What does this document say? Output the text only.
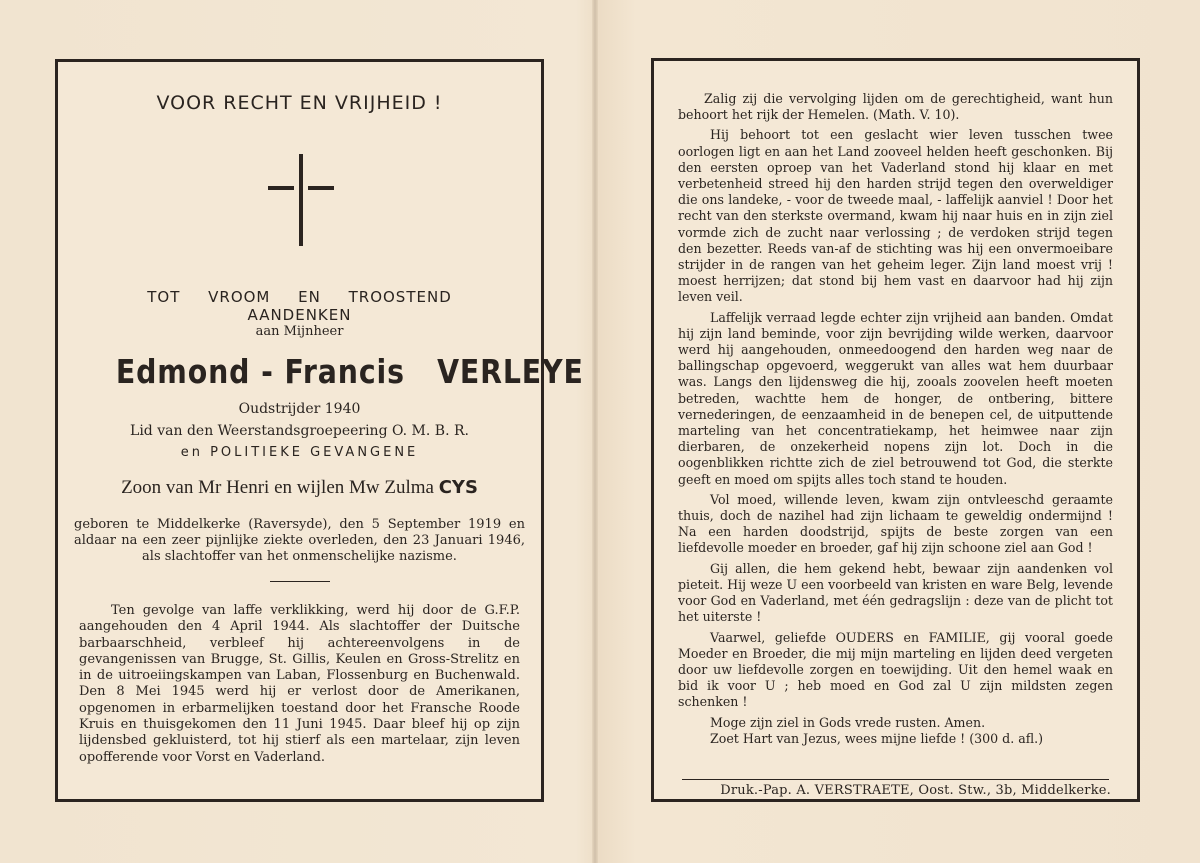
VOOR RECHT EN VRIJHEID !
TOT VROOM EN TROOSTEND AANDENKEN
aan Mijnheer
Edmond - Francis   VERLEYE
Oudstrijder 1940
Lid van den Weerstandsgroepeering O. M. B. R.
en POLITIEKE GEVANGENE
Zoon van Mr Henri en wijlen Mw Zulma CYS
geboren te Middelkerke (Raversyde), den 5 September 1919 en aldaar na een zeer pijnlijke ziekte overleden, den 23 Januari 1946, als slachtoffer van het onmenschelijke nazisme.
Ten gevolge van laffe verklikking, werd hij door de G.F.P. aangehouden den 4 April 1944. Als slachtoffer der Duitsche barbaarschheid, verbleef hij achtereenvolgens in de gevangenissen van Brugge, St. Gillis, Keulen en Gross-Strelitz en in de uitroeiingskampen van Laban, Flossenburg en Buchenwald. Den 8 Mei 1945 werd hij er verlost door de Amerikanen, opgenomen in erbarmelijken toestand door het Fransche Roode Kruis en thuisgekomen den 11 Juni 1945. Daar bleef hij op zijn lijdensbed gekluisterd, tot hij stierf als een martelaar, zijn leven opofferende voor Vorst en Vaderland.

Zalig zij die vervolging lijden om de gerechtigheid, want hun behoort het rijk der Hemelen. (Math. V. 10).

Hij behoort tot een geslacht wier leven tusschen twee oorlogen ligt en aan het Land zooveel helden heeft geschonken. Bij den eersten oproep van het Vaderland stond hij klaar en met verbetenheid streed hij den harden strijd tegen den overweldiger die ons landeke, - voor de tweede maal, - laffelijk aanviel ! Door het recht van den sterkste overmand, kwam hij naar huis en in zijn ziel vormde zich de zucht naar verlossing ; de verdoken strijd tegen den bezetter. Reeds van-af de stichting was hij een onvermoeibare strijder in de rangen van het geheim leger. Zijn land moest vrij ! moest herrijzen; dat stond bij hem vast en daarvoor had hij zijn leven veil.

Laffelijk verraad legde echter zijn vrijheid aan banden. Omdat hij zijn land beminde, voor zijn bevrijding wilde werken, daarvoor werd hij aangehouden, onmeedoogend den harden weg naar de ballingschap opgevoerd, weggerukt van alles wat hem duurbaar was. Langs den lijdensweg die hij, zooals zoovelen heeft moeten betreden, wachtte hem de honger, de ontbering, bittere vernederingen, de eenzaamheid in de benepen cel, de uitputtende marteling van het concentratiekamp, het heimwee naar zijn dierbaren, de onzekerheid nopens zijn lot. Doch in die oogenblikken richtte zich de ziel betrouwend tot God, die sterkte geeft en moed om spijts alles toch stand te houden.

Vol moed, willende leven, kwam zijn ontvleeschd geraamte thuis, doch de nazihel had zijn lichaam te geweldig ondermijnd ! Na een harden doodstrijd, spijts de beste zorgen van een liefdevolle moeder en broeder, gaf hij zijn schoone ziel aan God !

Gij allen, die hem gekend hebt, bewaar zijn aandenken vol pieteit. Hij weze U een voorbeeld van kristen en ware Belg, levende voor God en Vaderland, met één gedragslijn : deze van de plicht tot het uiterste !

Vaarwel, geliefde OUDERS en FAMILIE, gij vooral goede Moeder en Broeder, die mij mijn marteling en lijden deed vergeten door uw liefdevolle zorgen en toewijding. Uit den hemel waak en bid ik voor U ; heb moed en God zal U zijn mildsten zegen schenken !

Moge zijn ziel in Gods vrede rusten. Amen.

Zoet Hart van Jezus, wees mijne liefde ! (300 d. afl.)

Druk.-Pap. A. VERSTRAETE, Oost. Stw., 3b, Middelkerke.
